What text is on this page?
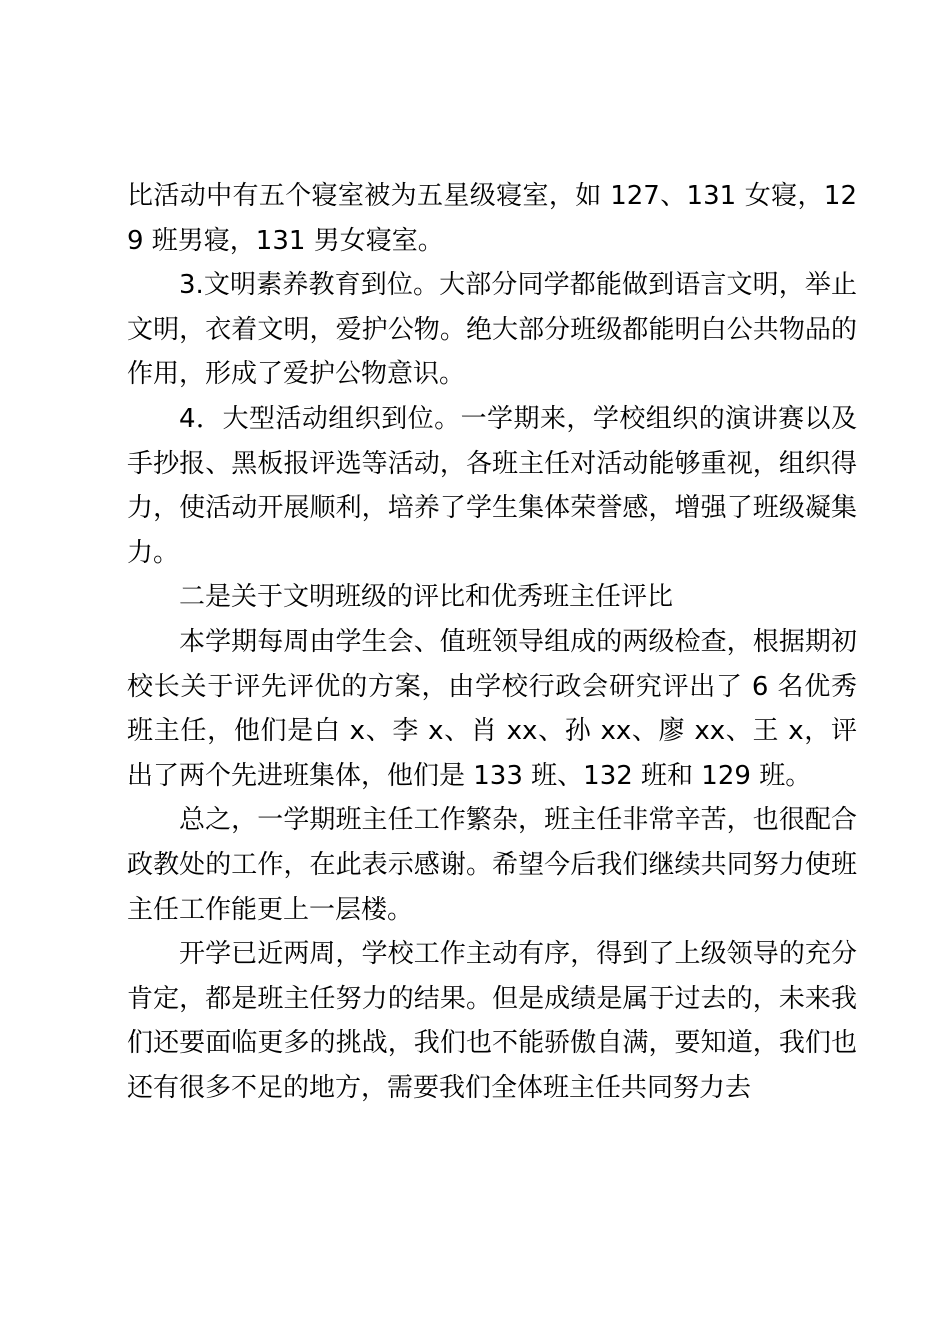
比活动中有五个寝室被为五星级寝室，如 127、131 女寝，129 班男寝，131 男女寝室。

3.文明素养教育到位。大部分同学都能做到语言文明，举止文明，衣着文明，爱护公物。绝大部分班级都能明白公共物品的作用，形成了爱护公物意识。

4．大型活动组织到位。一学期来，学校组织的演讲赛以及手抄报、黑板报评选等活动，各班主任对活动能够重视，组织得力，使活动开展顺利，培养了学生集体荣誉感，增强了班级凝集力。

二是关于文明班级的评比和优秀班主任评比

本学期每周由学生会、值班领导组成的两级检查，根据期初校长关于评先评优的方案，由学校行政会研究评出了 6 名优秀班主任，他们是白 x、李 x、肖 xx、孙 xx、廖 xx、王 x，评出了两个先进班集体，他们是 133 班、132 班和 129 班。

总之，一学期班主任工作繁杂，班主任非常辛苦，也很配合政教处的工作，在此表示感谢。希望今后我们继续共同努力使班主任工作能更上一层楼。

开学已近两周，学校工作主动有序，得到了上级领导的充分肯定，都是班主任努力的结果。但是成绩是属于过去的，未来我们还要面临更多的挑战，我们也不能骄傲自满，要知道，我们也还有很多不足的地方，需要我们全体班主任共同努力去
